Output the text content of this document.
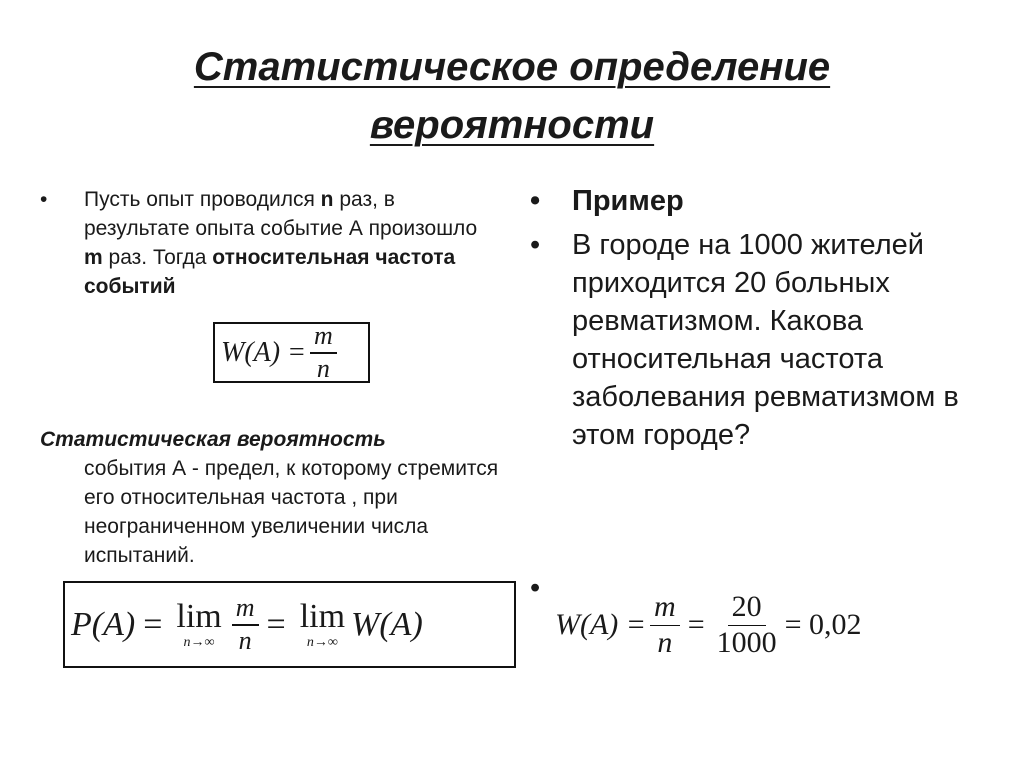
Статистическое определение
вероятности
• Пусть опыт проводился n раз, в результате опыта событие А произошло m раз. Тогда относительная частота событий
$W(A) = \frac{m}{n}$
Статистическая вероятность
события А - предел, к которому стремится его относительная частота , при неограниченном увеличении числа испытаний.
P(A) = lim
$n\to\infty \frac{m}{n} = \lim$
n→∞ W(A)
• Пример
• В городе на 1000 жителей приходится 20 больных ревматизмом. Какова относительная частота заболевания ревматизмом в этом городе?
•
$W(A) = \frac{m}{n} = \frac{20}{1000} = 0,02$
